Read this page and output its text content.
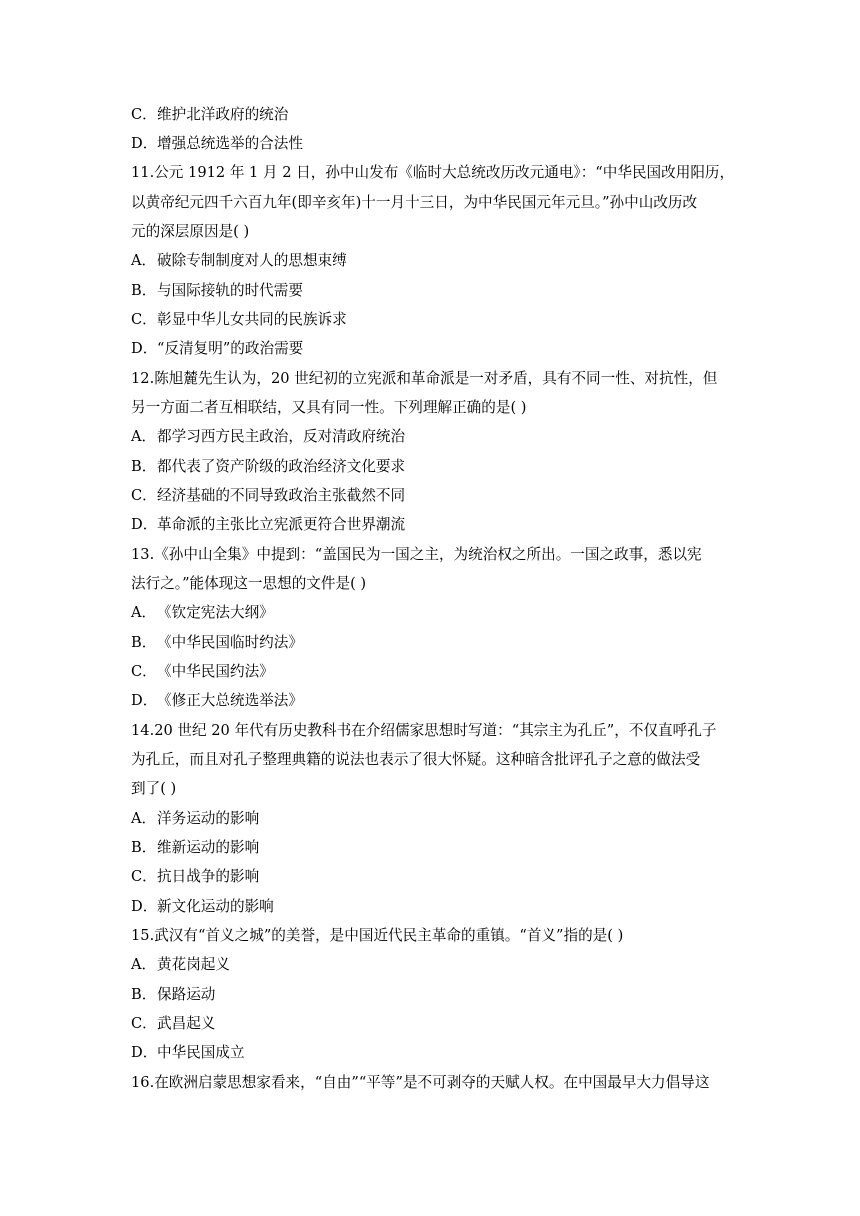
C．维护北洋政府的统治
D．增强总统选举的合法性
11.公元 1912 年 1 月 2 日，孙中山发布《临时大总统改历改元通电》：“中华民国改用阳历，
以黄帝纪元四千六百九年(即辛亥年)十一月十三日，为中华民国元年元旦。”孙中山改历改
元的深层原因是( )
A．破除专制制度对人的思想束缚
B．与国际接轨的时代需要
C．彰显中华儿女共同的民族诉求
D．“反清复明”的政治需要
12.陈旭麓先生认为，20 世纪初的立宪派和革命派是一对矛盾，具有不同一性、对抗性，但
另一方面二者互相联结，又具有同一性。下列理解正确的是( )
A．都学习西方民主政治，反对清政府统治
B．都代表了资产阶级的政治经济文化要求
C．经济基础的不同导致政治主张截然不同
D．革命派的主张比立宪派更符合世界潮流
13.《孙中山全集》中提到：“盖国民为一国之主，为统治权之所出。一国之政事，悉以宪
法行之。”能体现这一思想的文件是( )
A．《钦定宪法大纲》
B．《中华民国临时约法》
C．《中华民国约法》
D．《修正大总统选举法》
14.20 世纪 20 年代有历史教科书在介绍儒家思想时写道：“其宗主为孔丘”，不仅直呼孔子
为孔丘，而且对孔子整理典籍的说法也表示了很大怀疑。这种暗含批评孔子之意的做法受
到了( )
A．洋务运动的影响
B．维新运动的影响
C．抗日战争的影响
D．新文化运动的影响
15.武汉有“首义之城”的美誉，是中国近代民主革命的重镇。“首义”指的是( )
A．黄花岗起义
B．保路运动
C．武昌起义
D．中华民国成立
16.在欧洲启蒙思想家看来，“自由”“平等”是不可剥夺的天赋人权。在中国最早大力倡导这
